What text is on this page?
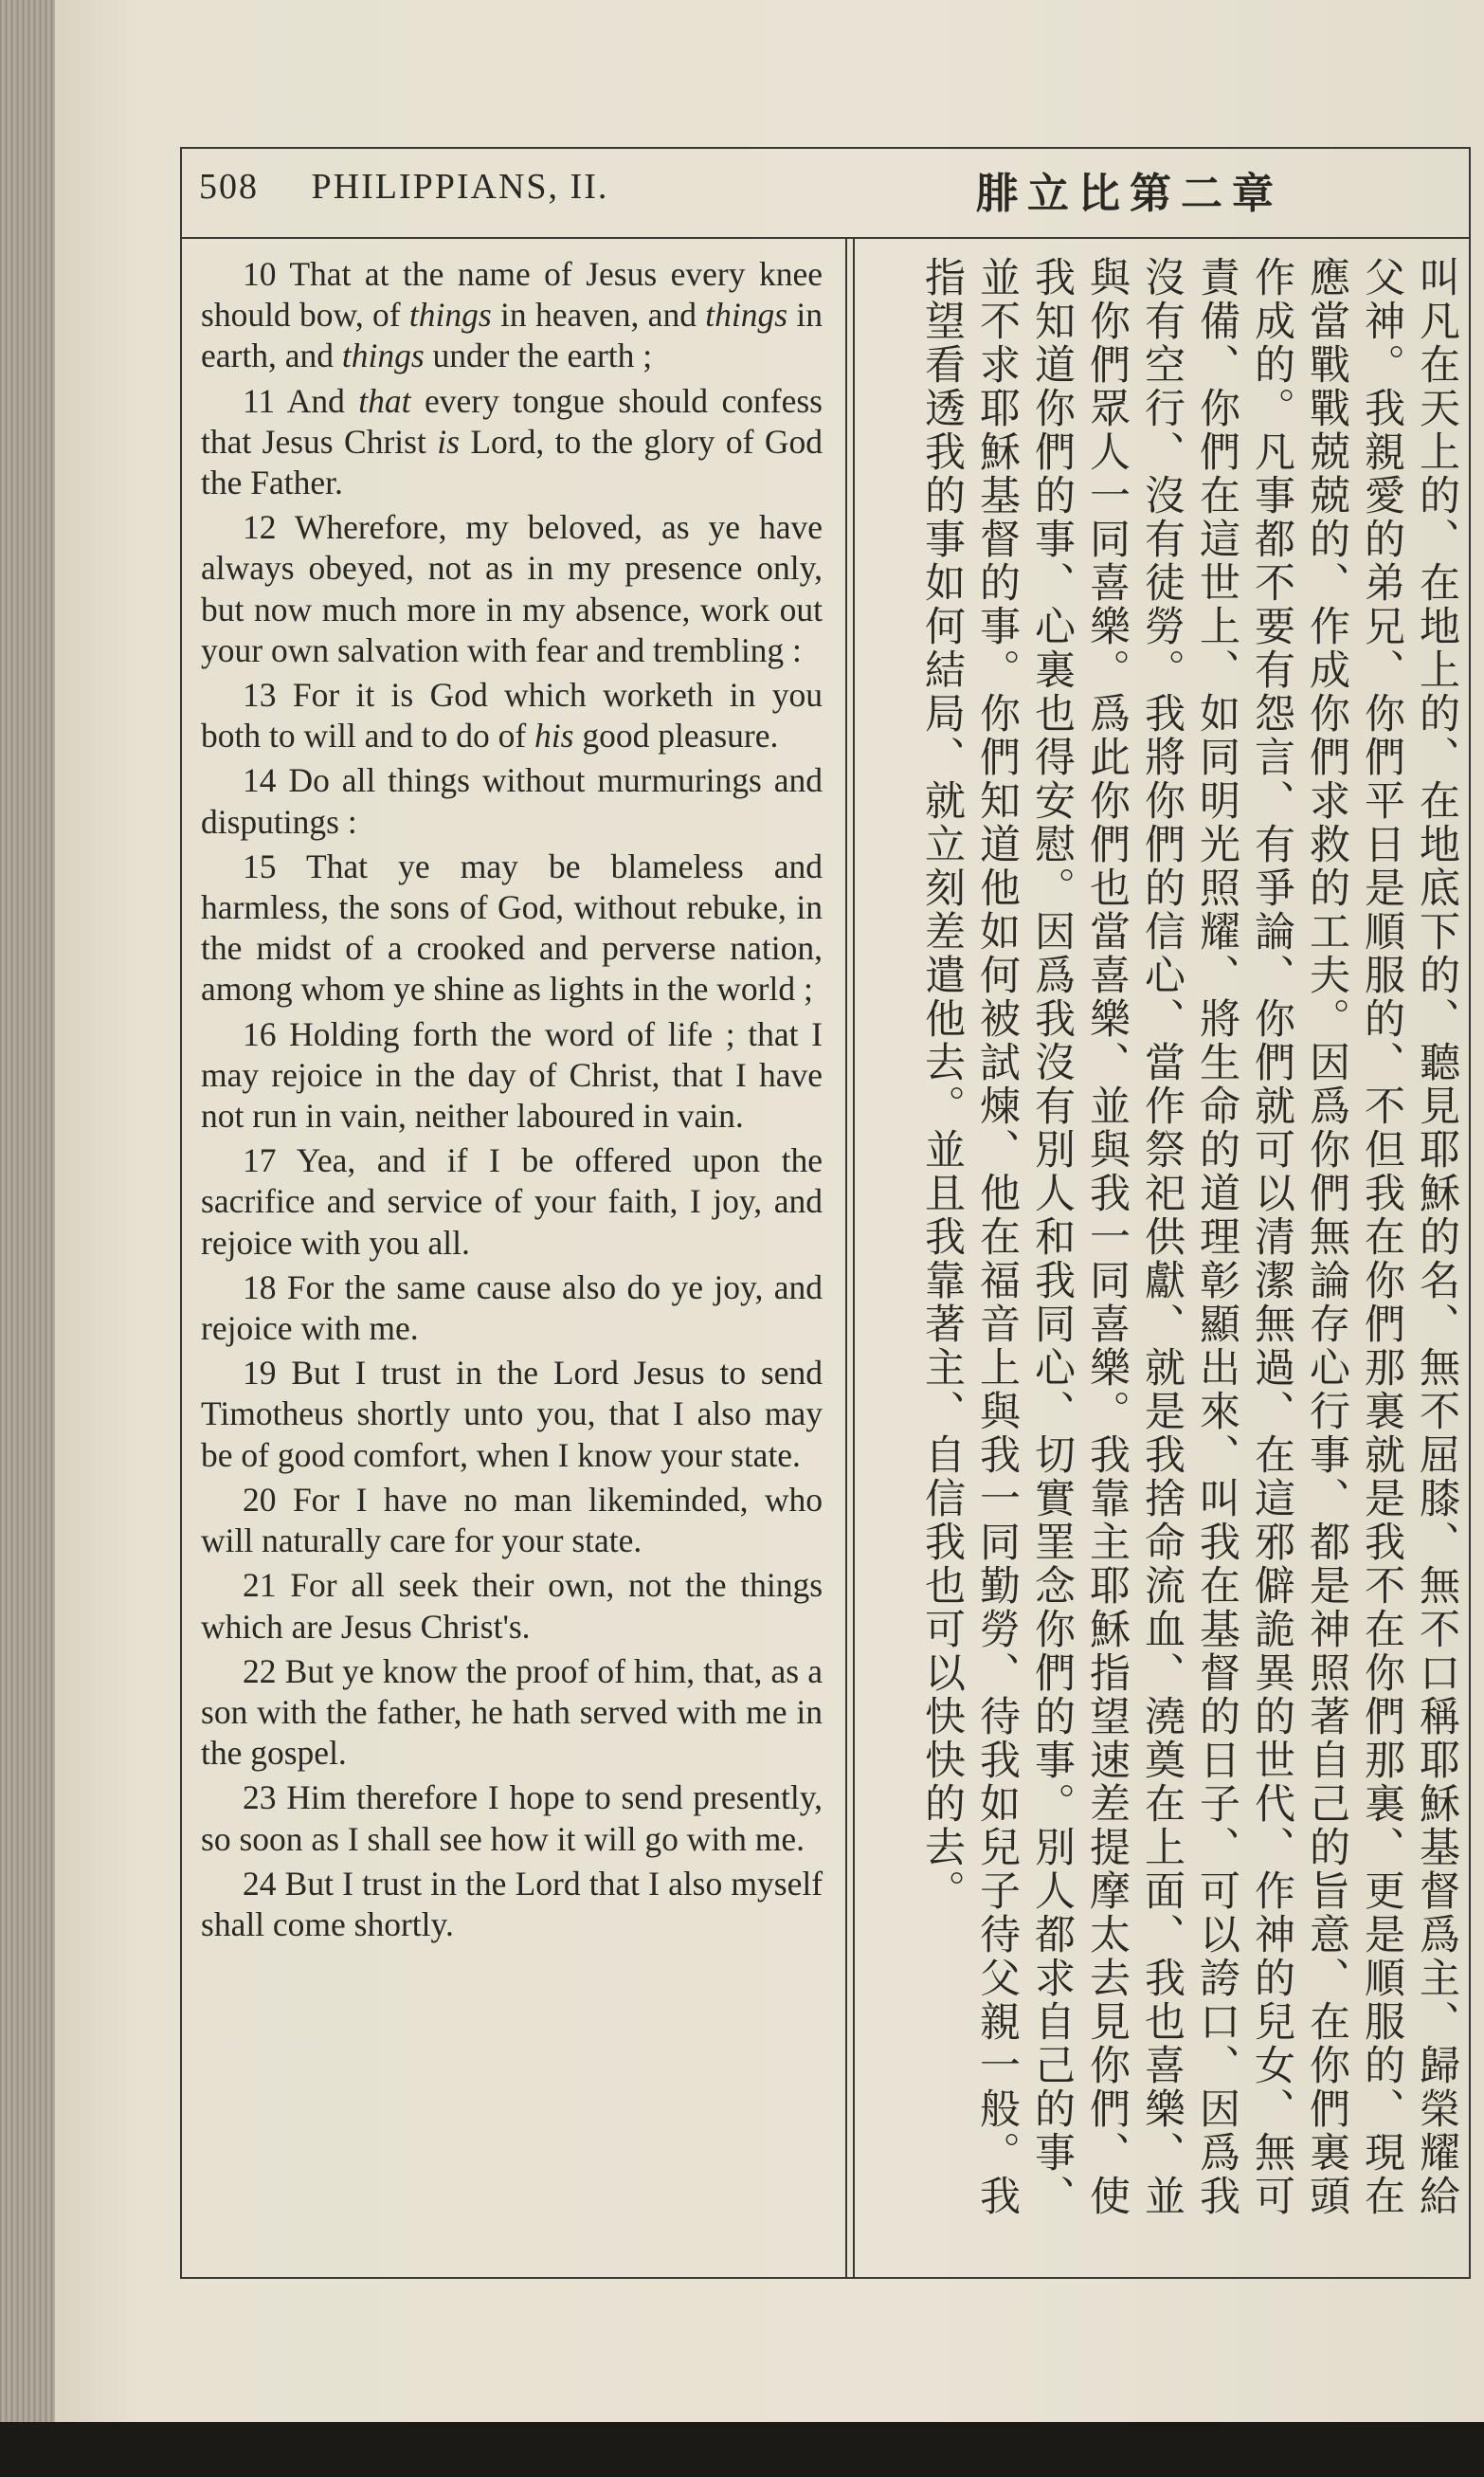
508 PHILIPPIANS, II.	腓立比第二章

10 That at the name of Jesus every knee should bow, of things in heaven, and things in earth, and things under the earth ;

11 And that every tongue should confess that Jesus Christ is Lord, to the glory of God the Father.

12 Wherefore, my beloved, as ye have always obeyed, not as in my presence only, but now much more in my absence, work out your own salvation with fear and trembling :

13 For it is God which worketh in you both to will and to do of his good pleasure.

14 Do all things without murmurings and disputings :

15 That ye may be blameless and harmless, the sons of God, without rebuke, in the midst of a crooked and perverse nation, among whom ye shine as lights in the world ;

16 Holding forth the word of life ; that I may rejoice in the day of Christ, that I have not run in vain, neither laboured in vain.

17 Yea, and if I be offered upon the sacrifice and service of your faith, I joy, and rejoice with you all.

18 For the same cause also do ye joy, and rejoice with me.

19 But I trust in the Lord Jesus to send Timotheus shortly unto you, that I also may be of good comfort, when I know your state.

20 For I have no man likeminded, who will naturally care for your state.

21 For all seek their own, not the things which are Jesus Christ's.

22 But ye know the proof of him, that, as a son with the father, he hath served with me in the gospel.

23 Him therefore I hope to send presently, so soon as I shall see how it will go with me.

24 But I trust in the Lord that I also myself shall come shortly.

叫凡在天上的、在地上的、在地底下的、聽見耶穌的名、無不屈膝、無不口稱耶穌基督爲主、歸榮耀給父神。我親愛的弟兄、你們平日是順服的、不但我在你們那裏就是我不在你們那裏、更是順服的、現在應當戰戰兢兢的、作成你們求救的工夫。因爲你們無論存心行事、都是神照著自己的旨意、在你們裏頭作成的。凡事都不要有怨言、有爭論、你們就可以清潔無過、在這邪僻詭異的世代、作神的兒女、無可責備、你們在這世上、如同明光照耀、將生命的道理彰顯出來、叫我在基督的日子、可以誇口、因爲我沒有空行、沒有徒勞。我將你們的信心、當作祭祀供獻、就是我捨命流血、澆奠在上面、我也喜樂、並與你們眾人一同喜樂。爲此你們也當喜樂、並與我一同喜樂。我靠主耶穌指望速差提摩太去見你們、使我知道你們的事、心裏也得安慰。因爲我沒有別人和我同心、切實罣念你們的事。別人都求自己的事、並不求耶穌基督的事。你們知道他如何被試煉、他在福音上與我一同勤勞、待我如兒子待父親一般。我指望看透我的事如何結局、就立刻差遣他去。並且我靠著主、自信我也可以快快的去。
